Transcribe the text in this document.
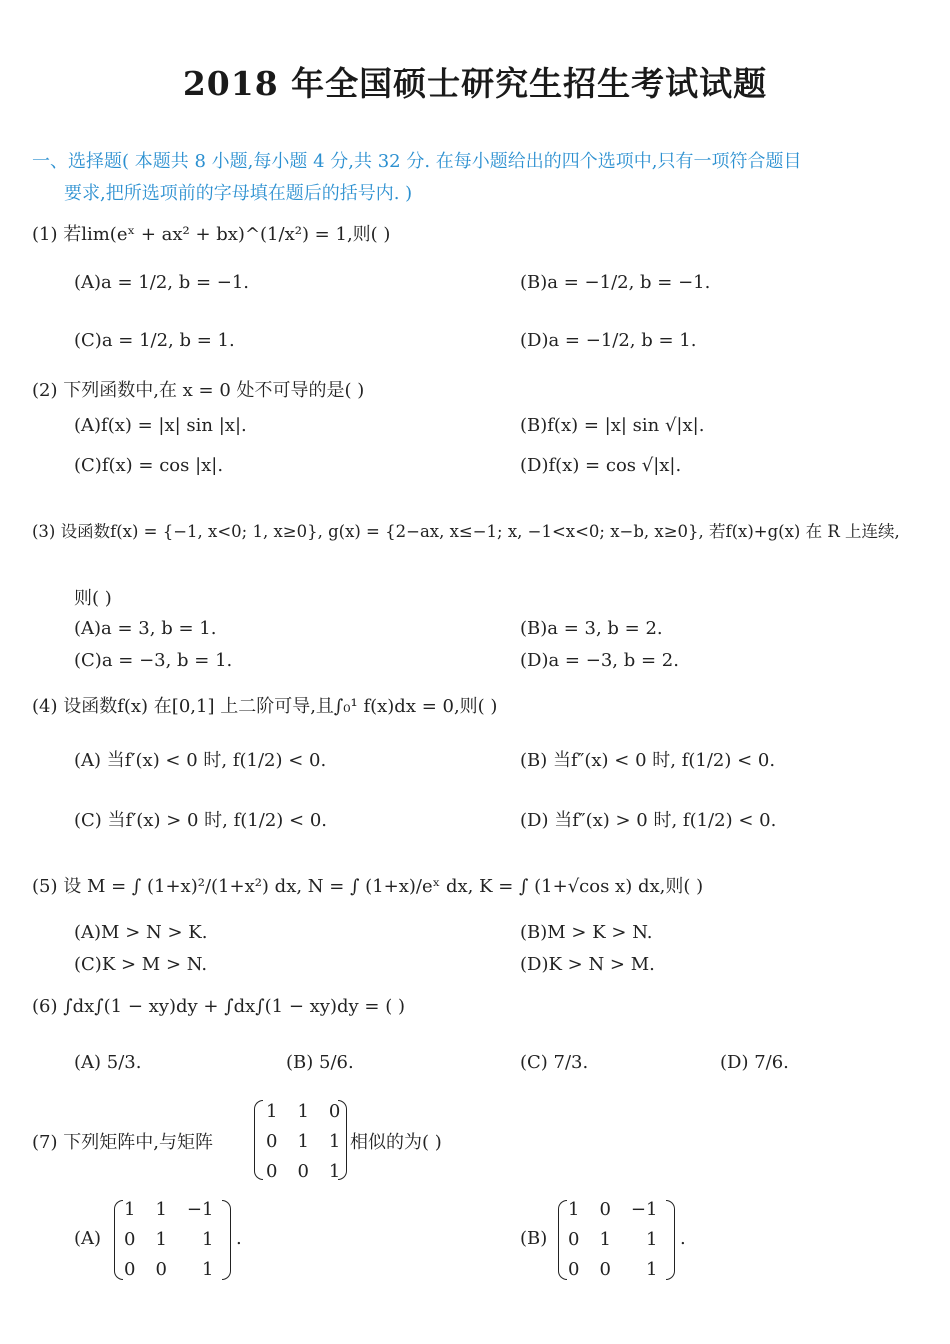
2018 年全国硕士研究生招生考试试题
一、选择题( 本题共 8 小题,每小题 4 分,共 32 分. 在每小题给出的四个选项中,只有一项符合题目
要求,把所选项前的字母填在题后的括号内. )
(1) 若lim(eˣ + ax² + bx)^(1/x²) = 1,则( )
(A)a = 1/2, b = −1.	(B)a = −1/2, b = −1.
(C)a = 1/2, b = 1.	(D)a = −1/2, b = 1.
(2) 下列函数中,在 x = 0 处不可导的是( )
(A)f(x) = |x| sin |x|.	(B)f(x) = |x| sin √|x|.
(C)f(x) = cos |x|.	(D)f(x) = cos √|x|.
(3) 设函数f(x) = {−1, x<0; 1, x≥0}, g(x) = {2−ax, x≤−1; x, −1<x<0; x−b, x≥0}, 若f(x)+g(x) 在 R 上连续,
则( )
(A)a = 3, b = 1.	(B)a = 3, b = 2.
(C)a = −3, b = 1.	(D)a = −3, b = 2.
(4) 设函数f(x) 在[0,1] 上二阶可导,且∫₀¹ f(x)dx = 0,则( )
(A) 当f′(x) < 0 时, f(1/2) < 0.	(B) 当f″(x) < 0 时, f(1/2) < 0.
(C) 当f′(x) > 0 时, f(1/2) < 0.	(D) 当f″(x) > 0 时, f(1/2) < 0.
(5) 设 M = ∫ (1+x)²/(1+x²) dx, N = ∫ (1+x)/eˣ dx, K = ∫ (1+√cos x) dx,则( )
(A)M > N > K.	(B)M > K > N.
(C)K > M > N.	(D)K > N > M.
(6) ∫dx∫(1 − xy)dy + ∫dx∫(1 − xy)dy = ( )
(A) 5/3.	(B) 5/6.	(C) 7/3.	(D) 7/6.
(7) 下列矩阵中,与矩阵
1	1	0
0	1	1
0	0	1
相似的为( )
(A)
1	1	−1
0	1	1
0	0	1
.	(B)
1	0	−1
0	1	1
0	0	1
.
